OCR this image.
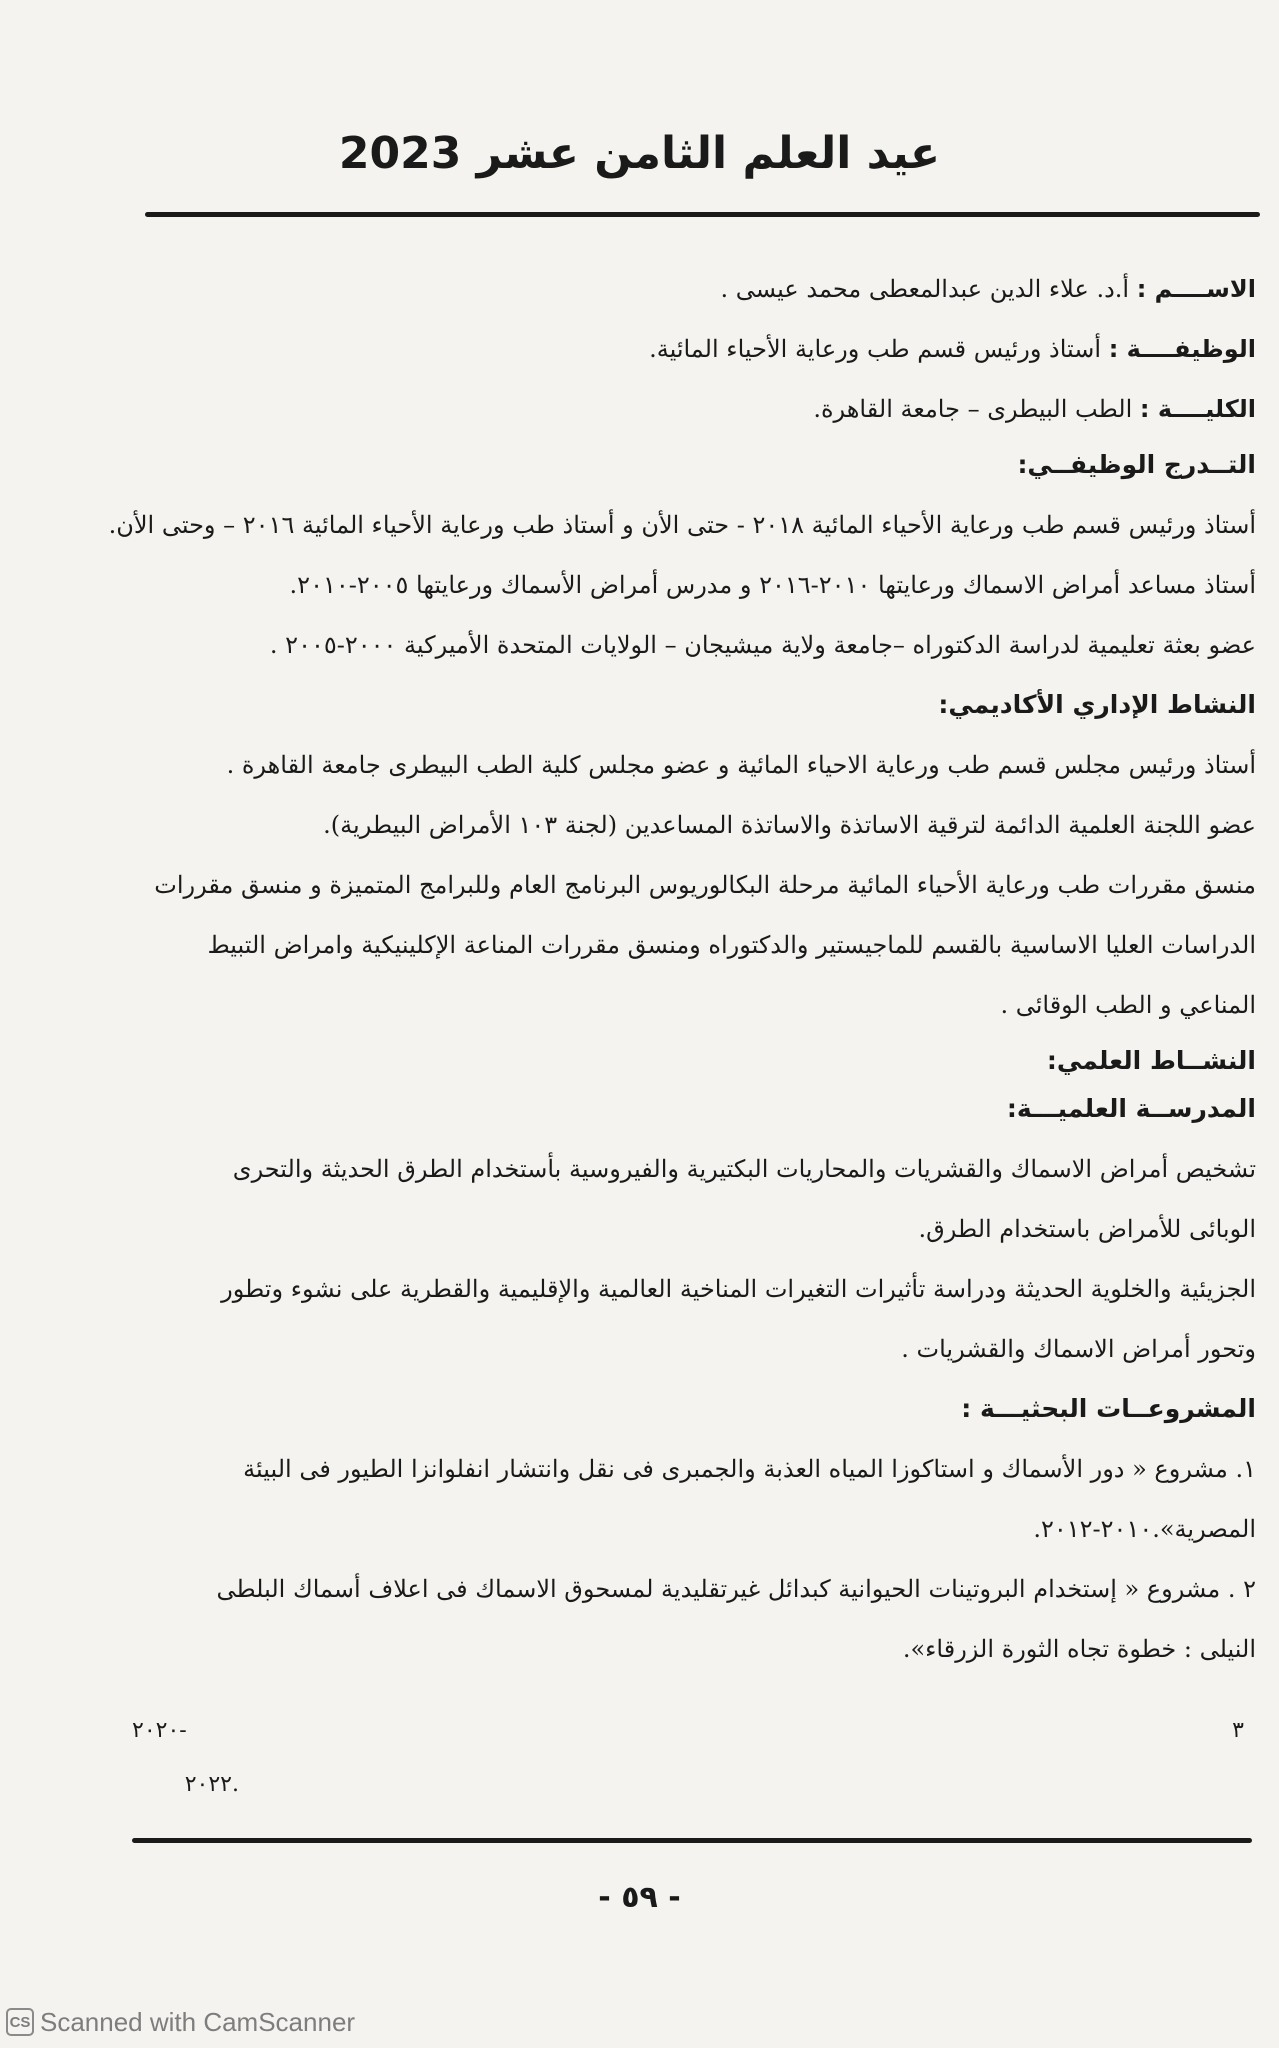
عيد العلم الثامن عشر 2023
الاســــم : أ.د. علاء الدين عبدالمعطى محمد عيسى .
الوظيفــــة : أستاذ ورئيس قسم طب ورعاية الأحياء المائية.
الكليــــة : الطب البيطرى – جامعة القاهرة.
التــدرج الوظيفــي:
أستاذ ورئيس قسم طب ورعاية الأحياء المائية ٢٠١٨ - حتى الأن و أستاذ طب ورعاية الأحياء المائية ٢٠١٦ – وحتى الأن.
أستاذ مساعد أمراض الاسماك ورعايتها ٢٠١٠-٢٠١٦ و مدرس أمراض الأسماك ورعايتها ٢٠٠٥-٢٠١٠.
عضو بعثة تعليمية لدراسة الدكتوراه –جامعة ولاية ميشيجان – الولايات المتحدة الأميركية ٢٠٠٠-٢٠٠٥ .
النشاط الإداري الأكاديمي:
أستاذ ورئيس مجلس قسم طب ورعاية الاحياء المائية و عضو مجلس كلية الطب البيطرى جامعة القاهرة .
عضو اللجنة العلمية الدائمة لترقية الاساتذة والاساتذة المساعدين (لجنة ١٠٣ الأمراض البيطرية).
منسق مقررات طب ورعاية الأحياء المائية مرحلة البكالوريوس البرنامج العام وللبرامج المتميزة و منسق مقررات
الدراسات العليا الاساسية بالقسم للماجيستير والدكتوراه ومنسق مقررات المناعة الإكلينيكية وامراض التبيط
المناعي و الطب الوقائى .
النشــاط العلمي:
المدرســة العلميـــة:
تشخيص أمراض الاسماك والقشريات والمحاريات البكتيرية والفيروسية بأستخدام الطرق الحديثة والتحرى
الوبائى للأمراض باستخدام الطرق.
الجزيئية والخلوية الحديثة ودراسة تأثيرات التغيرات المناخية العالمية والإقليمية والقطرية على نشوء وتطور
وتحور أمراض الاسماك والقشريات .
المشروعــات البحثيـــة :
١. مشروع « دور الأسماك و استاكوزا المياه العذبة والجمبرى فى نقل وانتشار انفلوانزا الطيور فى البيئة
المصرية».٢٠١٠-٢٠١٢.
٢ . مشروع « إستخدام البروتينات الحيوانية كبدائل غيرتقليدية لمسحوق الاسماك فى اعلاف أسماك البلطى
النيلى : خطوة تجاه الثورة الزرقاء».
٣
٢٠٢٠-
٢٠٢٢.
- ٥٩ -
CS Scanned with CamScanner
